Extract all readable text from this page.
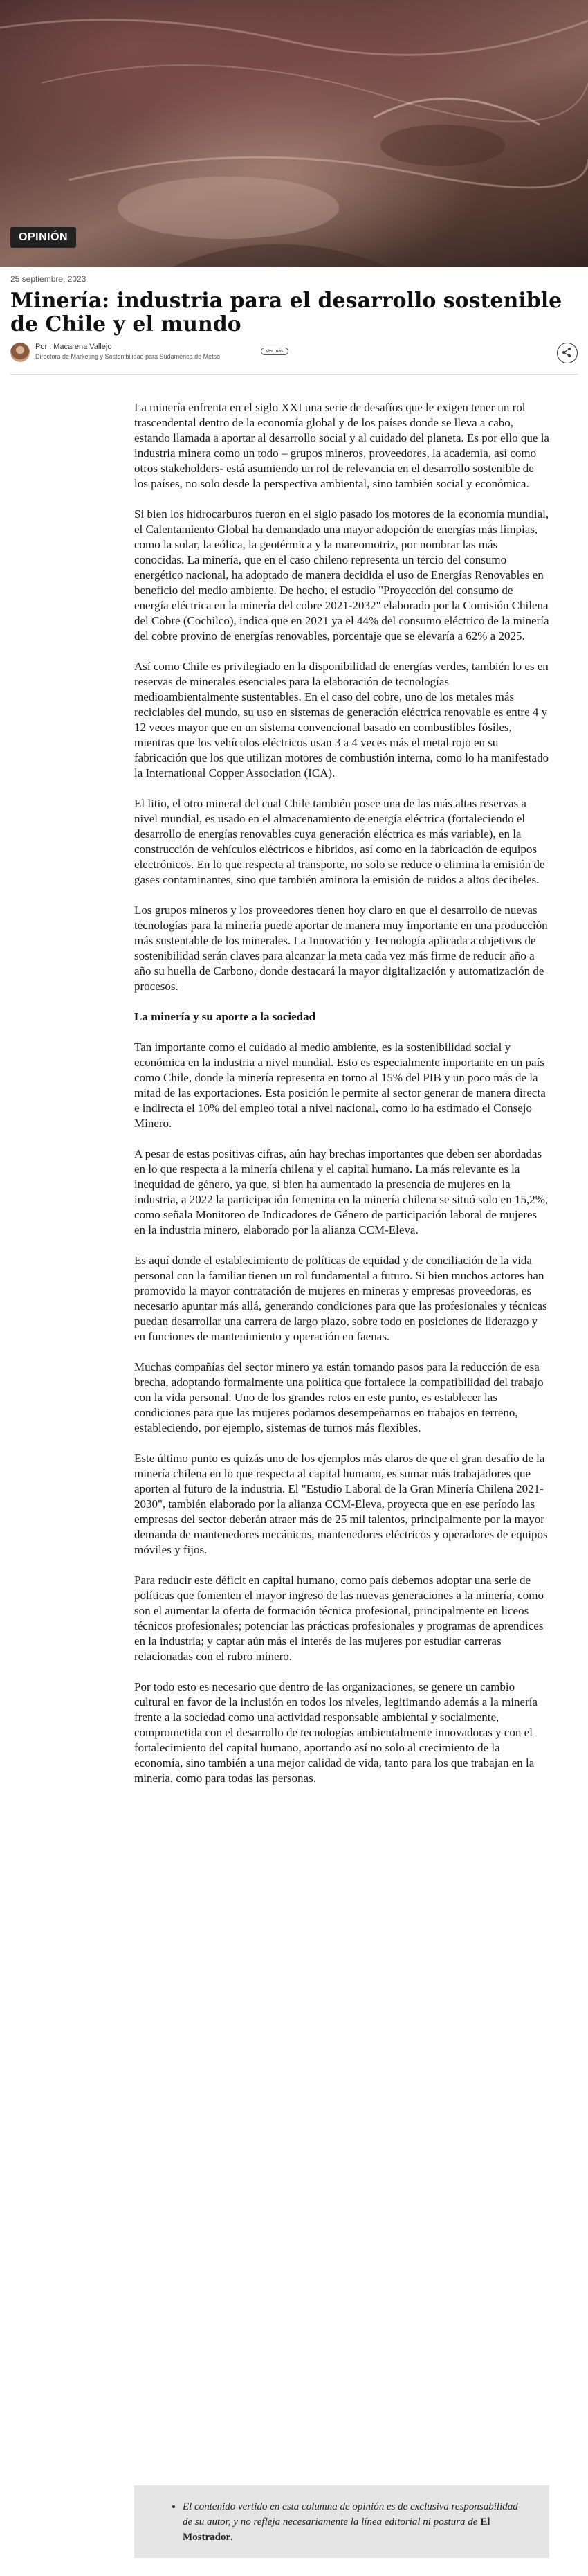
OPINIÓN
25 septiembre, 2023
Minería: industria para el desarrollo sostenible de Chile y el mundo
Por : Macarena Vallejo
Directora de Marketing y Sostenibilidad para Sudamérica de Metso
Ver más

La minería enfrenta en el siglo XXI una serie de desafíos que le exigen tener un rol trascendental dentro de la economía global y de los países donde se lleva a cabo, estando llamada a aportar al desarrollo social y al cuidado del planeta. Es por ello que la industria minera como un todo – grupos mineros, proveedores, la academia, así como otros stakeholders- está asumiendo un rol de relevancia en el desarrollo sostenible de los países, no solo desde la perspectiva ambiental, sino también social y económica.

Si bien los hidrocarburos fueron en el siglo pasado los motores de la economía mundial, el Calentamiento Global ha demandado una mayor adopción de energías más limpias, como la solar, la eólica, la geotérmica y la mareomotriz, por nombrar las más conocidas. La minería, que en el caso chileno representa un tercio del consumo energético nacional, ha adoptado de manera decidida el uso de Energías Renovables en beneficio del medio ambiente. De hecho, el estudio "Proyección del consumo de energía eléctrica en la minería del cobre 2021-2032" elaborado por la Comisión Chilena del Cobre (Cochilco), indica que en 2021 ya el 44% del consumo eléctrico de la minería del cobre provino de energías renovables, porcentaje que se elevaría a 62% a 2025.

Así como Chile es privilegiado en la disponibilidad de energías verdes, también lo es en reservas de minerales esenciales para la elaboración de tecnologías medioambientalmente sustentables. En el caso del cobre, uno de los metales más reciclables del mundo, su uso en sistemas de generación eléctrica renovable es entre 4 y 12 veces mayor que en un sistema convencional basado en combustibles fósiles, mientras que los vehículos eléctricos usan 3 a 4 veces más el metal rojo en su fabricación que los que utilizan motores de combustión interna, como lo ha manifestado la International Copper Association (ICA).

El litio, el otro mineral del cual Chile también posee una de las más altas reservas a nivel mundial, es usado en el almacenamiento de energía eléctrica (fortaleciendo el desarrollo de energías renovables cuya generación eléctrica es más variable), en la construcción de vehículos eléctricos e híbridos, así como en la fabricación de equipos electrónicos. En lo que respecta al transporte, no solo se reduce o elimina la emisión de gases contaminantes, sino que también aminora la emisión de ruidos a altos decibeles.

Los grupos mineros y los proveedores tienen hoy claro en que el desarrollo de nuevas tecnologías para la minería puede aportar de manera muy importante en una producción más sustentable de los minerales. La Innovación y Tecnología aplicada a objetivos de sostenibilidad serán claves para alcanzar la meta cada vez más firme de reducir año a año su huella de Carbono, donde destacará la mayor digitalización y automatización de procesos.

La minería y su aporte a la sociedad

Tan importante como el cuidado al medio ambiente, es la sostenibilidad social y económica en la industria a nivel mundial. Esto es especialmente importante en un país como Chile, donde la minería representa en torno al 15% del PIB y un poco más de la mitad de las exportaciones. Esta posición le permite al sector generar de manera directa e indirecta el 10% del empleo total a nivel nacional, como lo ha estimado el Consejo Minero.

A pesar de estas positivas cifras, aún hay brechas importantes que deben ser abordadas en lo que respecta a la minería chilena y el capital humano. La más relevante es la inequidad de género, ya que, si bien ha aumentado la presencia de mujeres en la industria, a 2022 la participación femenina en la minería chilena se situó solo en 15,2%, como señala Monitoreo de Indicadores de Género de participación laboral de mujeres en la industria minero, elaborado por la alianza CCM-Eleva.

Es aquí donde el establecimiento de políticas de equidad y de conciliación de la vida personal con la familiar tienen un rol fundamental a futuro. Si bien muchos actores han promovido la mayor contratación de mujeres en mineras y empresas proveedoras, es necesario apuntar más allá, generando condiciones para que las profesionales y técnicas puedan desarrollar una carrera de largo plazo, sobre todo en posiciones de liderazgo y en funciones de mantenimiento y operación en faenas.

Muchas compañías del sector minero ya están tomando pasos para la reducción de esa brecha, adoptando formalmente una política que fortalece la compatibilidad del trabajo con la vida personal. Uno de los grandes retos en este punto, es establecer las condiciones para que las mujeres podamos desempeñarnos en trabajos en terreno, estableciendo, por ejemplo, sistemas de turnos más flexibles.

Este último punto es quizás uno de los ejemplos más claros de que el gran desafío de la minería chilena en lo que respecta al capital humano, es sumar más trabajadores que aporten al futuro de la industria. El "Estudio Laboral de la Gran Minería Chilena 2021-2030", también elaborado por la alianza CCM-Eleva, proyecta que en ese período las empresas del sector deberán atraer más de 25 mil talentos, principalmente por la mayor demanda de mantenedores mecánicos, mantenedores eléctricos y operadores de equipos móviles y fijos.

Para reducir este déficit en capital humano, como país debemos adoptar una serie de políticas que fomenten el mayor ingreso de las nuevas generaciones a la minería, como son el aumentar la oferta de formación técnica profesional, principalmente en liceos técnicos profesionales; potenciar las prácticas profesionales y programas de aprendices en la industria; y captar aún más el interés de las mujeres por estudiar carreras relacionadas con el rubro minero.

Por todo esto es necesario que dentro de las organizaciones, se genere un cambio cultural en favor de la inclusión en todos los niveles, legitimando además a la minería frente a la sociedad como una actividad responsable ambiental y socialmente, comprometida con el desarrollo de tecnologías ambientalmente innovadoras y con el fortalecimiento del capital humano, aportando así no solo al crecimiento de la economía, sino también a una mejor calidad de vida, tanto para los que trabajan en la minería, como para todas las personas.

• El contenido vertido en esta columna de opinión es de exclusiva responsabilidad de su autor, y no refleja necesariamente la línea editorial ni postura de El Mostrador.
